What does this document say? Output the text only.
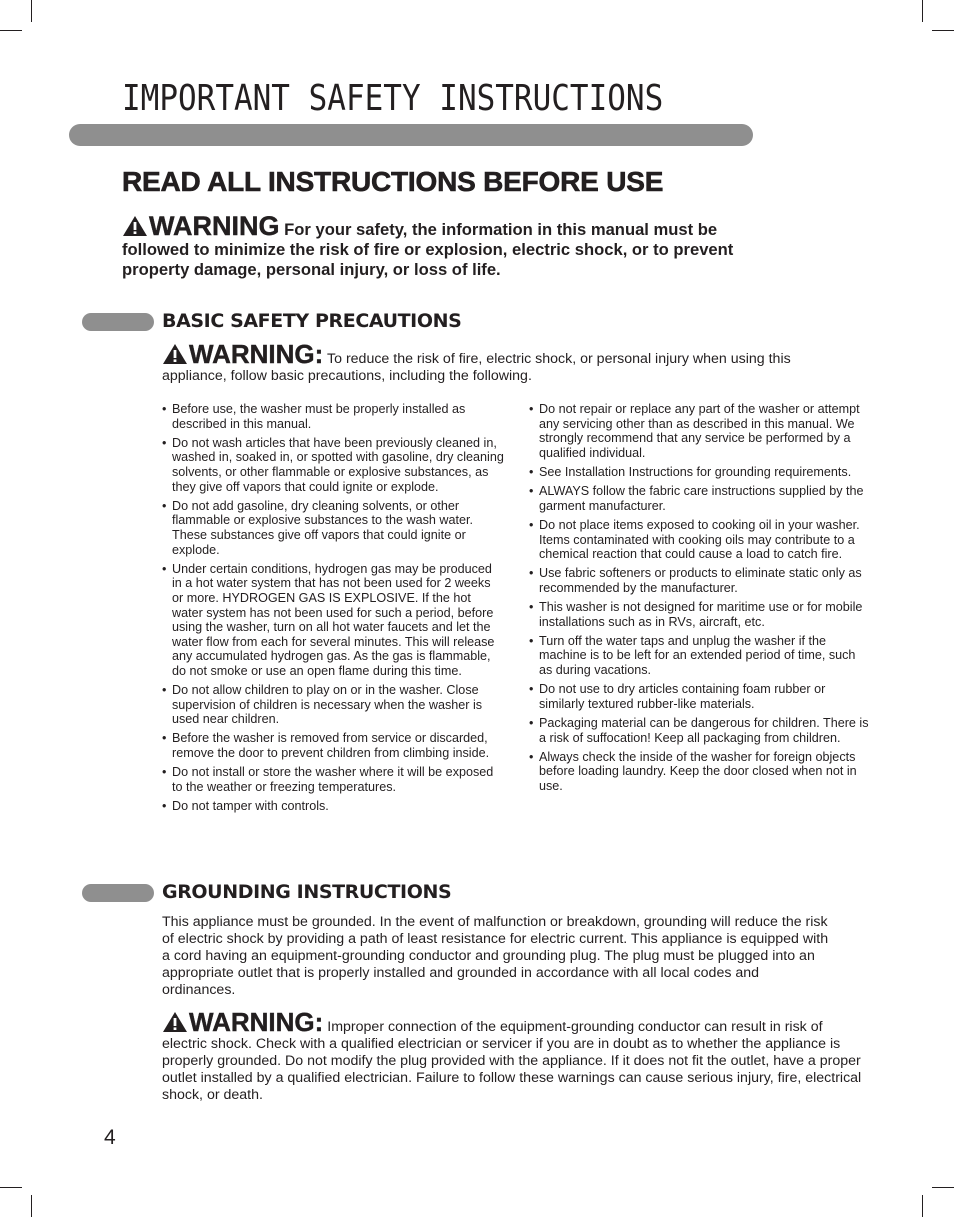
IMPORTANT SAFETY INSTRUCTIONS
READ ALL INSTRUCTIONS BEFORE USE
WARNING For your safety, the information in this manual must be followed to minimize the risk of fire or explosion, electric shock, or to prevent property damage, personal injury, or loss of life.
BASIC SAFETY PRECAUTIONS
WARNING: To reduce the risk of fire, electric shock, or personal injury when using this appliance, follow basic precautions, including the following.
• Before use, the washer must be properly installed as described in this manual.
• Do not wash articles that have been previously cleaned in, washed in, soaked in, or spotted with gasoline, dry cleaning solvents, or other flammable or explosive substances, as they give off vapors that could ignite or explode.
• Do not add gasoline, dry cleaning solvents, or other flammable or explosive substances to the wash water. These substances give off vapors that could ignite or explode.
• Under certain conditions, hydrogen gas may be produced in a hot water system that has not been used for 2 weeks or more. HYDROGEN GAS IS EXPLOSIVE. If the hot water system has not been used for such a period, before using the washer, turn on all hot water faucets and let the water flow from each for several minutes. This will release any accumulated hydrogen gas. As the gas is flammable, do not smoke or use an open flame during this time.
• Do not allow children to play on or in the washer. Close supervision of children is necessary when the washer is used near children.
• Before the washer is removed from service or discarded, remove the door to prevent children from climbing inside.
• Do not install or store the washer where it will be exposed to the weather or freezing temperatures.
• Do not tamper with controls.
• Do not repair or replace any part of the washer or attempt any servicing other than as described in this manual. We strongly recommend that any service be performed by a qualified individual.
• See Installation Instructions for grounding requirements.
• ALWAYS follow the fabric care instructions supplied by the garment manufacturer.
• Do not place items exposed to cooking oil in your washer. Items contaminated with cooking oils may contribute to a chemical reaction that could cause a load to catch fire.
• Use fabric softeners or products to eliminate static only as recommended by the manufacturer.
• This washer is not designed for maritime use or for mobile installations such as in RVs, aircraft, etc.
• Turn off the water taps and unplug the washer if the machine is to be left for an extended period of time, such as during vacations.
• Do not use to dry articles containing foam rubber or similarly textured rubber-like materials.
• Packaging material can be dangerous for children. There is a risk of suffocation! Keep all packaging from children.
• Always check the inside of the washer for foreign objects before loading laundry. Keep the door closed when not in use.
GROUNDING INSTRUCTIONS
This appliance must be grounded. In the event of malfunction or breakdown, grounding will reduce the risk of electric shock by providing a path of least resistance for electric current. This appliance is equipped with a cord having an equipment-grounding conductor and grounding plug. The plug must be plugged into an appropriate outlet that is properly installed and grounded in accordance with all local codes and ordinances.
WARNING: Improper connection of the equipment-grounding conductor can result in risk of electric shock. Check with a qualified electrician or servicer if you are in doubt as to whether the appliance is properly grounded. Do not modify the plug provided with the appliance. If it does not fit the outlet, have a proper outlet installed by a qualified electrician. Failure to follow these warnings can cause serious injury, fire, electrical shock, or death.
4
